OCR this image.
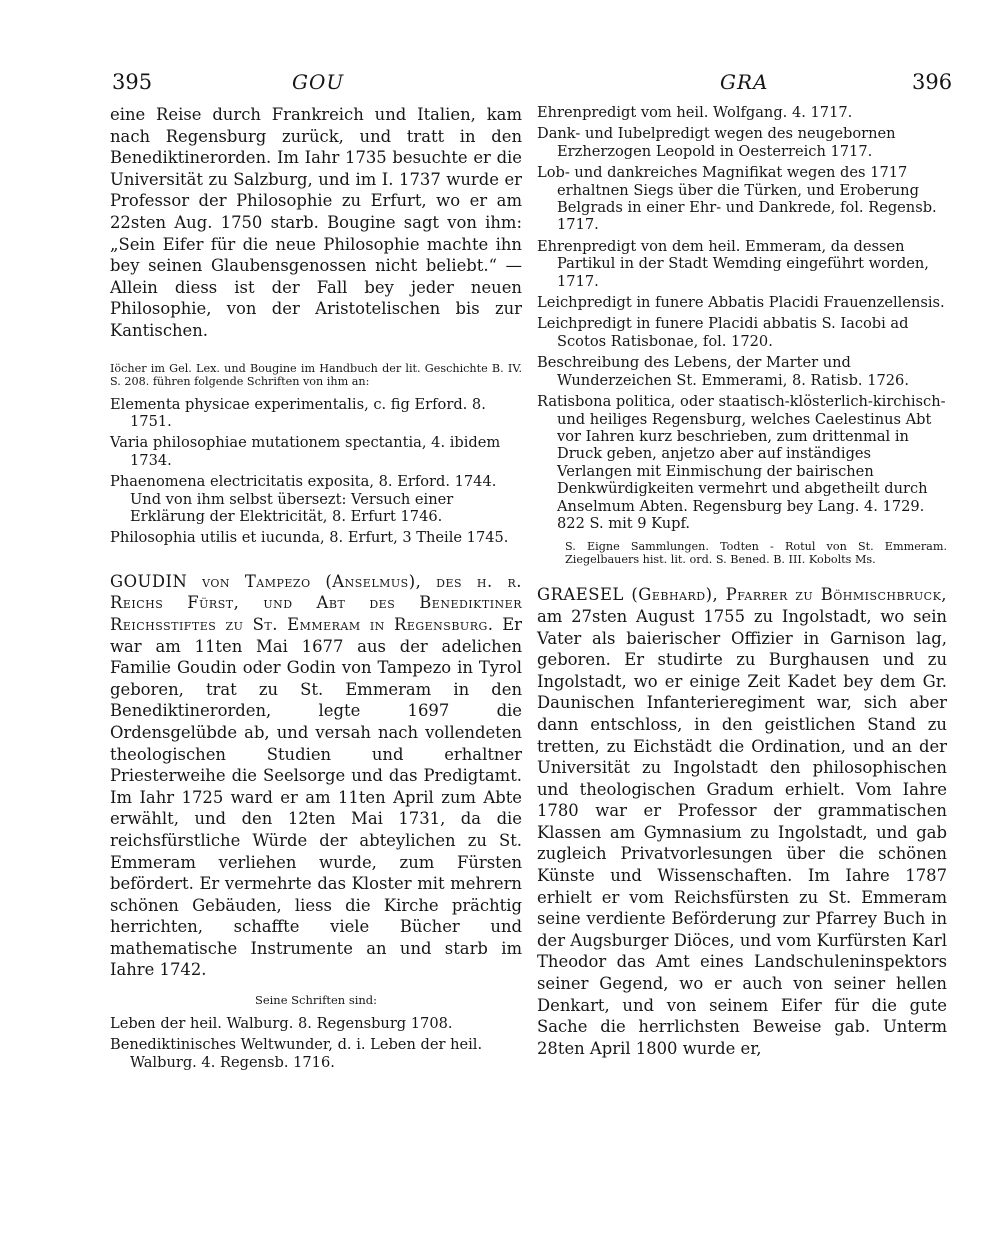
395	GOU	GRA	396

eine Reise durch Frankreich und Italien, kam nach Regensburg zurück, und tratt in den Benediktinerorden. Im Iahr 1735 besuchte er die Universität zu Salzburg, und im I. 1737 wurde er Professor der Philosophie zu Erfurt, wo er am 22sten Aug. 1750 starb. Bougine sagt von ihm: „Sein Eifer für die neue Philosophie machte ihn bey seinen Glaubensgenossen nicht beliebt.“ — Allein diess ist der Fall bey jeder neuen Philosophie, von der Aristotelischen bis zur Kantischen.

Iöcher im Gel. Lex. und Bougine im Handbuch der lit. Geschichte B. IV. S. 208. führen folgende Schriften von ihm an:

Elementa physicae experimentalis, c. fig Erford. 8. 1751.

Varia philosophiae mutationem spectantia, 4. ibidem 1734.

Phaenomena electricitatis exposita, 8. Erford. 1744. Und von ihm selbst übersezt: Versuch einer Erklärung der Elektricität, 8. Erfurt 1746.

Philosophia utilis et iucunda, 8. Erfurt, 3 Theile 1745.

GOUDIN von Tampezo (Anselmus), des h. r. Reichs Fürst, und Abt des Benediktiner Reichsstiftes zu St. Emmeram in Regensburg. Er war am 11ten Mai 1677 aus der adelichen Familie Goudin oder Godin von Tampezo in Tyrol geboren, trat zu St. Emmeram in den Benediktinerorden, legte 1697 die Ordensgelübde ab, und versah nach vollendeten theologischen Studien und erhaltner Priesterweihe die Seelsorge und das Predigtamt. Im Iahr 1725 ward er am 11ten April zum Abte erwählt, und den 12ten Mai 1731, da die reichsfürstliche Würde der abteylichen zu St. Emmeram verliehen wurde, zum Fürsten befördert. Er vermehrte das Kloster mit mehrern schönen Gebäuden, liess die Kirche prächtig herrichten, schaffte viele Bücher und mathematische Instrumente an und starb im Iahre 1742.

Seine Schriften sind:

Leben der heil. Walburg. 8. Regensburg 1708.

Benediktinisches Weltwunder, d. i. Leben der heil. Walburg. 4. Regensb. 1716.

Ehrenpredigt vom heil. Wolfgang. 4. 1717.

Dank- und Iubelpredigt wegen des neugebornen Erzherzogen Leopold in Oesterreich 1717.

Lob- und dankreiches Magnifikat wegen des 1717 erhaltnen Siegs über die Türken, und Eroberung Belgrads in einer Ehr- und Dankrede, fol. Regensb. 1717.

Ehrenpredigt von dem heil. Emmeram, da dessen Partikul in der Stadt Wemding eingeführt worden, 1717.

Leichpredigt in funere Abbatis Placidi Frauenzellensis.

Leichpredigt in funere Placidi abbatis S. Iacobi ad Scotos Ratisbonae, fol. 1720.

Beschreibung des Lebens, der Marter und Wunderzeichen St. Emmerami, 8. Ratisb. 1726.

Ratisbona politica, oder staatisch-klösterlich-kirchisch- und heiliges Regensburg, welches Caelestinus Abt vor Iahren kurz beschrieben, zum drittenmal in Druck geben, anjetzo aber auf inständiges Verlangen mit Einmischung der bairischen Denkwürdigkeiten vermehrt und abgetheilt durch Anselmum Abten. Regensburg bey Lang. 4. 1729. 822 S. mit 9 Kupf.

S. Eigne Sammlungen. Todten - Rotul von St. Emmeram. Ziegelbauers hist. lit. ord. S. Bened. B. III. Kobolts Ms.

GRAESEL (Gebhard), Pfarrer zu Böhmischbruck, am 27sten August 1755 zu Ingolstadt, wo sein Vater als baierischer Offizier in Garnison lag, geboren. Er studirte zu Burghausen und zu Ingolstadt, wo er einige Zeit Kadet bey dem Gr. Daunischen Infanterieregiment war, sich aber dann entschloss, in den geistlichen Stand zu tretten, zu Eichstädt die Ordination, und an der Universität zu Ingolstadt den philosophischen und theologischen Gradum erhielt. Vom Iahre 1780 war er Professor der grammatischen Klassen am Gymnasium zu Ingolstadt, und gab zugleich Privatvorlesungen über die schönen Künste und Wissenschaften. Im Iahre 1787 erhielt er vom Reichsfürsten zu St. Emmeram seine verdiente Beförderung zur Pfarrey Buch in der Augsburger Diöces, und vom Kurfürsten Karl Theodor das Amt eines Landschuleninspektors seiner Gegend, wo er auch von seiner hellen Denkart, und von seinem Eifer für die gute Sache die herrlichsten Beweise gab. Unterm 28ten April 1800 wurde er,
